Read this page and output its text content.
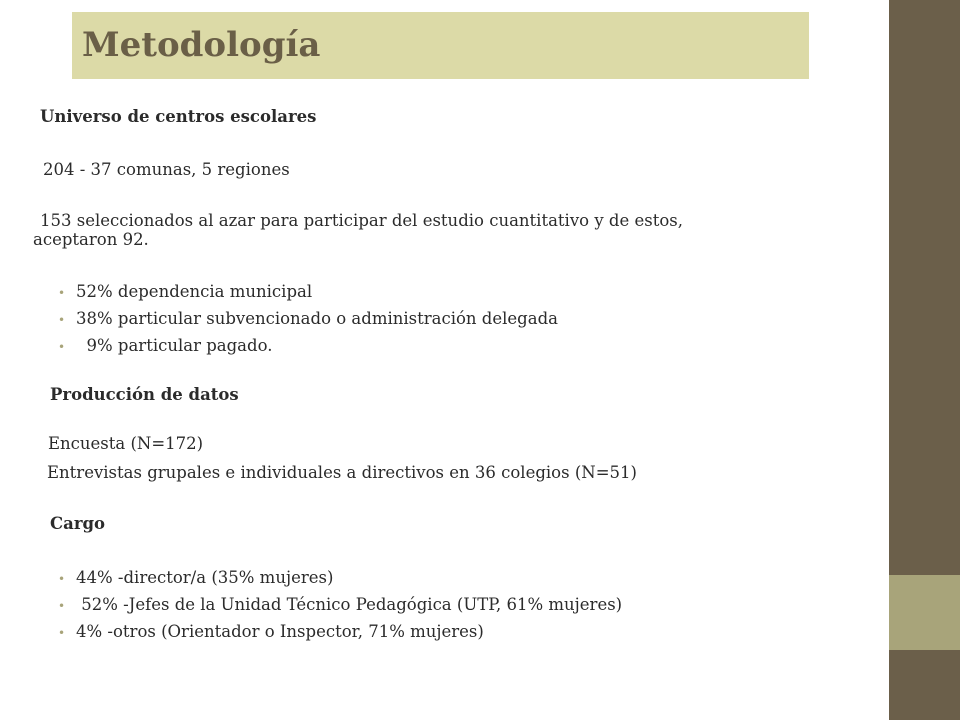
Metodología
Universo de centros escolares
204 - 37 comunas, 5 regiones
153 seleccionados al azar para participar del estudio cuantitativo y de estos,
aceptaron 92.
• 52% dependencia municipal
• 38% particular subvencionado o administración delegada
• 9% particular pagado.
Producción de datos
Encuesta (N=172)
Entrevistas grupales e individuales a directivos en 36 colegios (N=51)
Cargo
• 44% -director/a (35% mujeres)
• 52% -Jefes de la Unidad Técnico Pedagógica (UTP, 61% mujeres)
• 4% -otros (Orientador o Inspector, 71% mujeres)
